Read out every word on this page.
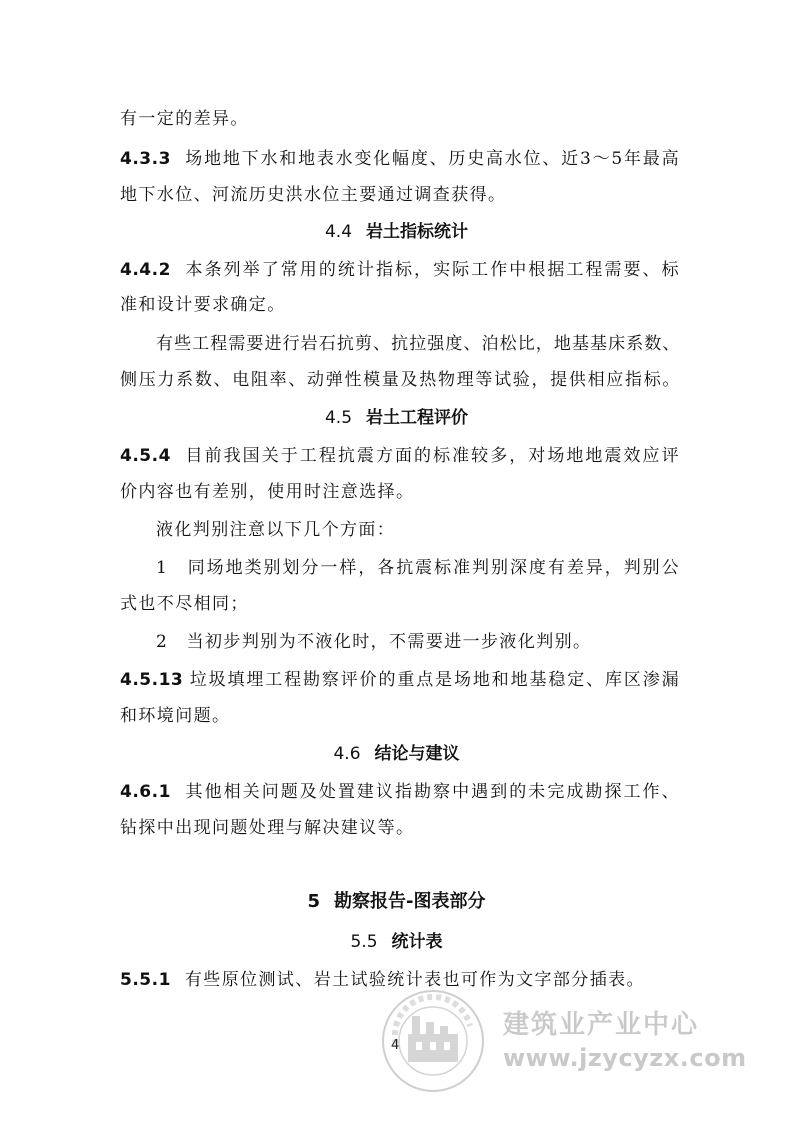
有一定的差异。
4.3.3 场地地下水和地表水变化幅度、历史高水位、近3～5年最高
地下水位、河流历史洪水位主要通过调查获得。
4.4 岩土指标统计
4.4.2 本条列举了常用的统计指标，实际工作中根据工程需要、标
准和设计要求确定。
有些工程需要进行岩石抗剪、抗拉强度、泊松比，地基基床系数、
侧压力系数、电阻率、动弹性模量及热物理等试验，提供相应指标。
4.5 岩土工程评价
4.5.4 目前我国关于工程抗震方面的标准较多，对场地地震效应评
价内容也有差别，使用时注意选择。
液化判别注意以下几个方面：
1　同场地类别划分一样，各抗震标准判别深度有差异，判别公
式也不尽相同；
2　当初步判别为不液化时，不需要进一步液化判别。
4.5.13 垃圾填埋工程勘察评价的重点是场地和地基稳定、库区渗漏
和环境问题。
4.6 结论与建议
4.6.1 其他相关问题及处置建议指勘察中遇到的未完成勘探工作、
钻探中出现问题处理与解决建议等。
5 勘察报告-图表部分
5.5 统计表
5.5.1 有些原位测试、岩土试验统计表也可作为文字部分插表。
建筑业产业中心
www.jzycyzx.com
4
